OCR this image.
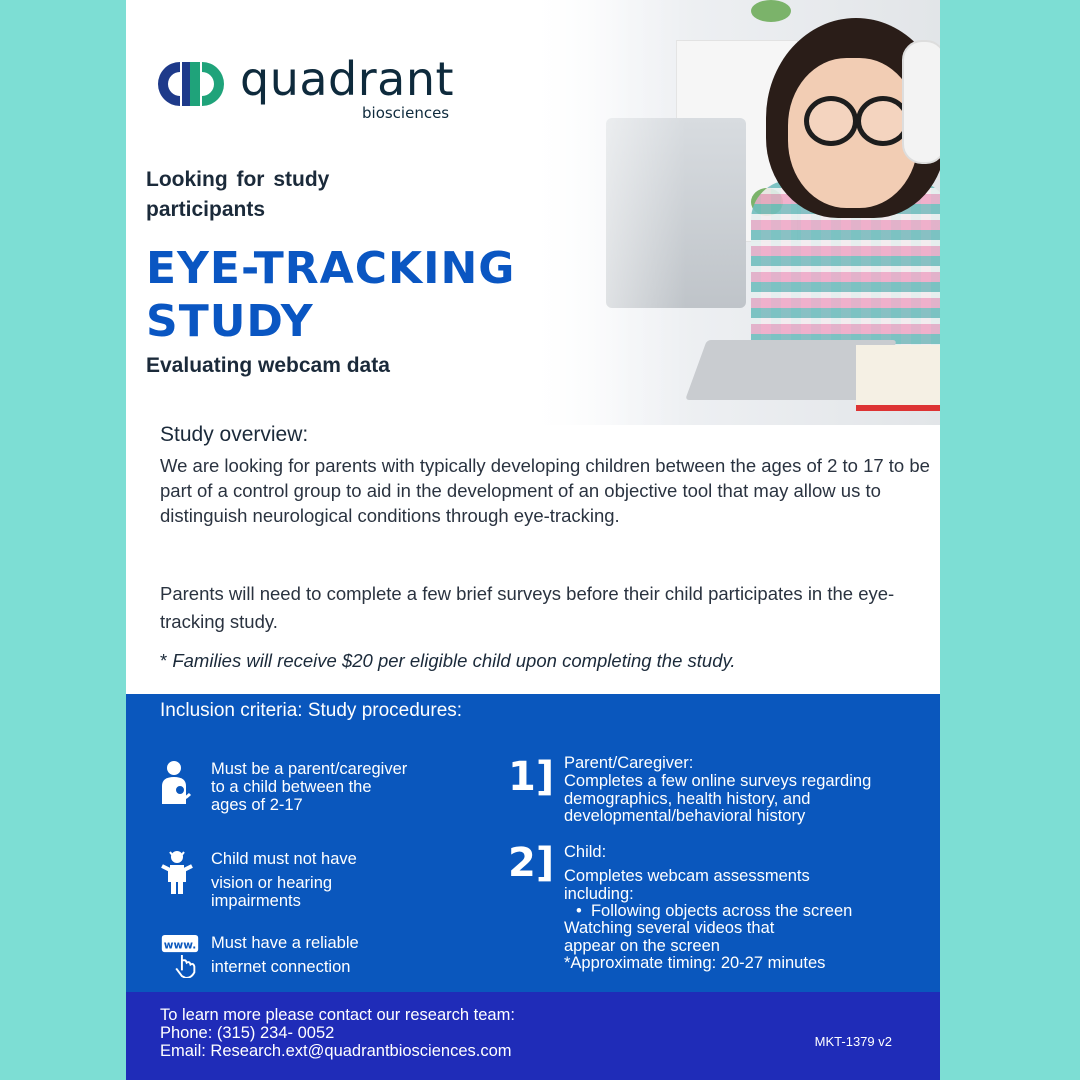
quadrant
biosciences
Looking for study participants
EYE-TRACKING
STUDY
Evaluating webcam data
Study overview:
We are looking for parents with typically developing children between the ages of 2 to 17 to be part of a control group to aid in the development of an objective tool that may allow us to distinguish neurological conditions through eye-tracking.
Parents will need to complete a few brief surveys before their child participates in the eye-tracking study.
* Families will receive $20 per eligible child upon completing the study.
Inclusion criteria: Study procedures:
Must be a parent/caregiver to a child between the ages of 2-17
Child must not have
vision or hearing impairments
www. Must have a reliable
internet connection
1] Parent/Caregiver:
Completes a few online surveys regarding demographics, health history, and developmental/behavioral history
2] Child:
Completes webcam assessments including:
•  Following objects across the screen
Watching several videos that appear on the screen
*Approximate timing: 20-27 minutes
To learn more please contact our research team:
Phone: (315) 234- 0052
Email: Research.ext@quadrantbiosciences.com
MKT-1379 v2
